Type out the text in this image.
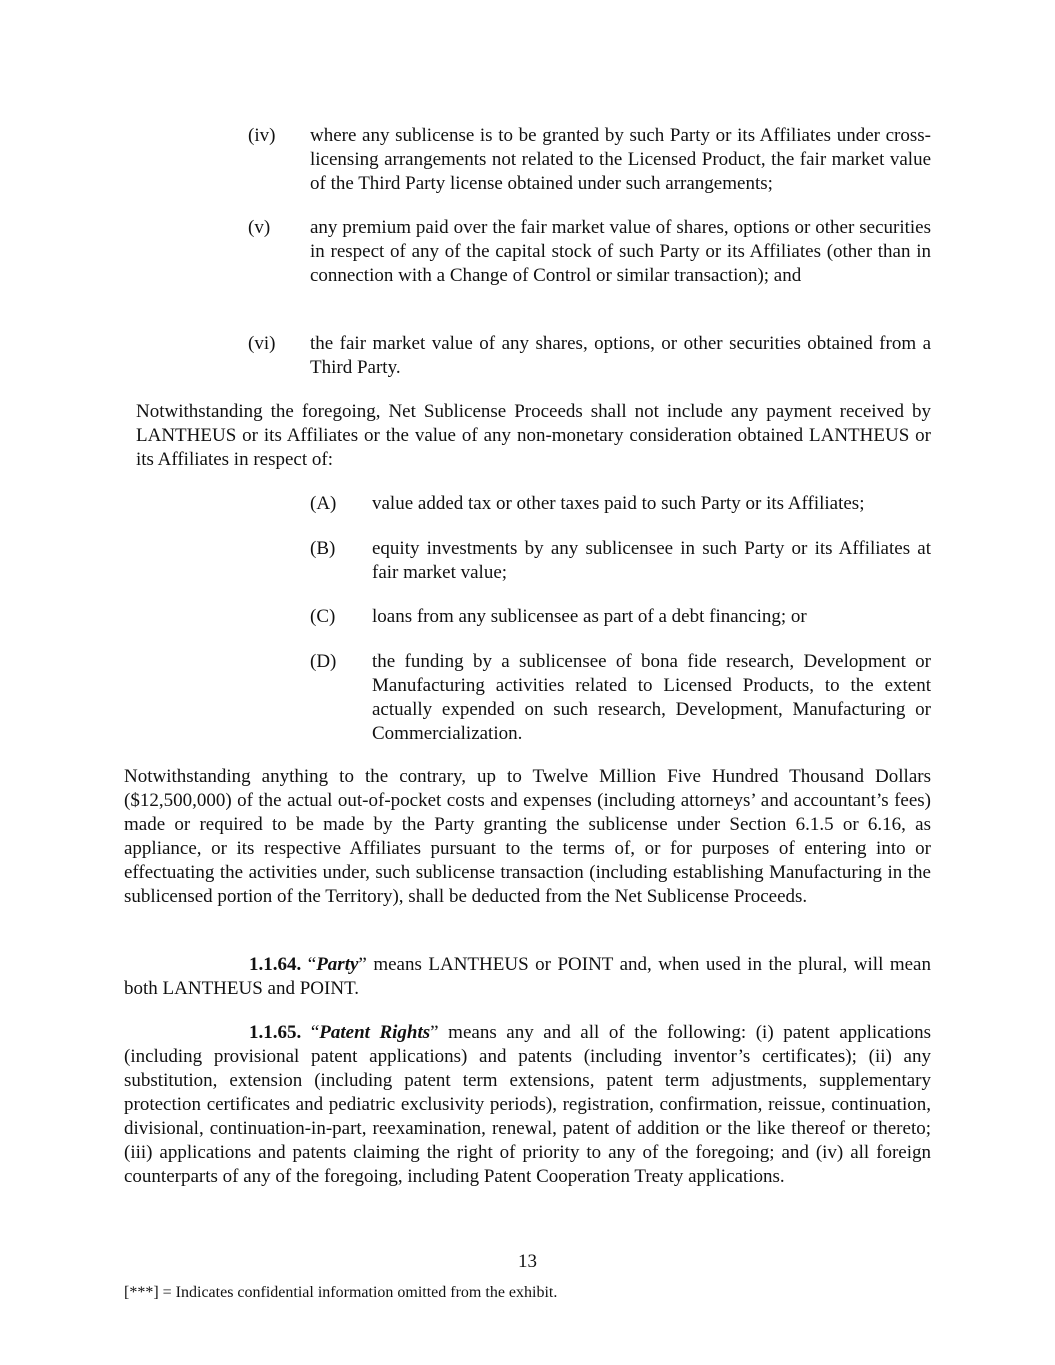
(iv) where any sublicense is to be granted by such Party or its Affiliates under cross-licensing arrangements not related to the Licensed Product, the fair market value of the Third Party license obtained under such arrangements;
(v) any premium paid over the fair market value of shares, options or other securities in respect of any of the capital stock of such Party or its Affiliates (other than in connection with a Change of Control or similar transaction); and
(vi) the fair market value of any shares, options, or other securities obtained from a Third Party.

Notwithstanding the foregoing, Net Sublicense Proceeds shall not include any payment received by LANTHEUS or its Affiliates or the value of any non-monetary consideration obtained LANTHEUS or its Affiliates in respect of:

(A) value added tax or other taxes paid to such Party or its Affiliates;
(B) equity investments by any sublicensee in such Party or its Affiliates at fair market value;
(C) loans from any sublicensee as part of a debt financing; or
(D) the funding by a sublicensee of bona fide research, Development or Manufacturing activities related to Licensed Products, to the extent actually expended on such research, Development, Manufacturing or Commercialization.

Notwithstanding anything to the contrary, up to Twelve Million Five Hundred Thousand Dollars ($12,500,000) of the actual out-of-pocket costs and expenses (including attorneys’ and accountant’s fees) made or required to be made by the Party granting the sublicense under Section 6.1.5 or 6.16, as appliance, or its respective Affiliates pursuant to the terms of, or for purposes of entering into or effectuating the activities under, such sublicense transaction (including establishing Manufacturing in the sublicensed portion of the Territory), shall be deducted from the Net Sublicense Proceeds.

1.1.64. “Party” means LANTHEUS or POINT and, when used in the plural, will mean both LANTHEUS and POINT.

1.1.65. “Patent Rights” means any and all of the following: (i) patent applications (including provisional patent applications) and patents (including inventor’s certificates); (ii) any substitution, extension (including patent term extensions, patent term adjustments, supplementary protection certificates and pediatric exclusivity periods), registration, confirmation, reissue, continuation, divisional, continuation-in-part, reexamination, renewal, patent of addition or the like thereof or thereto; (iii) applications and patents claiming the right of priority to any of the foregoing; and (iv) all foreign counterparts of any of the foregoing, including Patent Cooperation Treaty applications.

13
[***] = Indicates confidential information omitted from the exhibit.
